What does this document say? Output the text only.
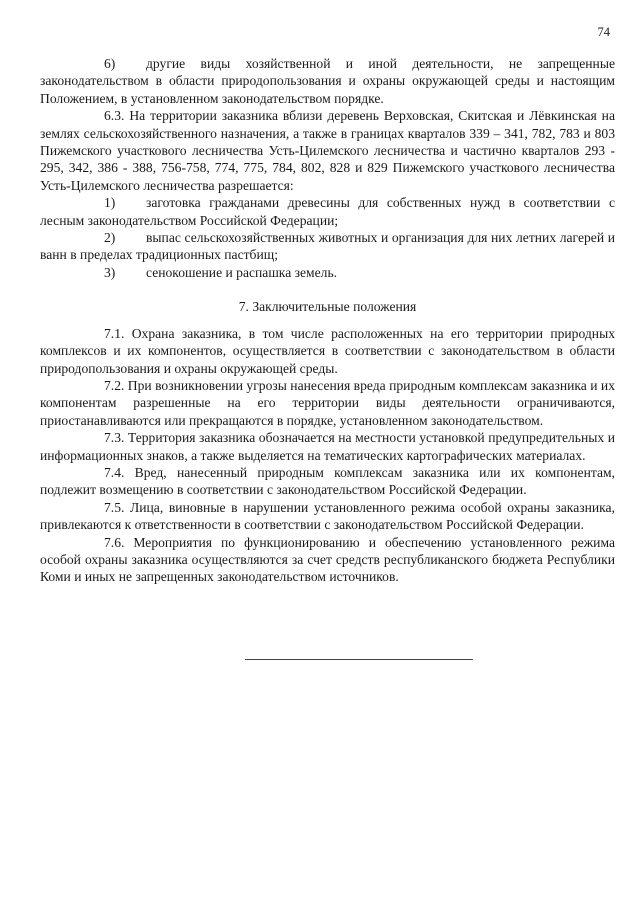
74

6) другие виды хозяйственной и иной деятельности, не запрещенные законодательством в области природопользования и охраны окружающей среды и настоящим Положением, в установленном законодательством порядке.

6.3. На территории заказника вблизи деревень Верховская, Скитская и Лёвкинская на землях сельскохозяйственного назначения, а также в границах кварталов 339 – 341, 782, 783 и 803 Пижемского участкового лесничества Усть-Цилемского лесничества и частично кварталов 293 - 295, 342, 386 - 388, 756-758, 774, 775, 784, 802, 828 и 829 Пижемского участкового лесничества Усть-Цилемского лесничества разрешается:

1) заготовка гражданами древесины для собственных нужд в соответствии с лесным законодательством Российской Федерации;

2) выпас сельскохозяйственных животных и организация для них летних лагерей и ванн в пределах традиционных пастбищ;

3) сенокошение и распашка земель.

7. Заключительные положения

7.1. Охрана заказника, в том числе расположенных на его территории природных комплексов и их компонентов, осуществляется в соответствии с законодательством в области природопользования и охраны окружающей среды.

7.2. При возникновении угрозы нанесения вреда природным комплексам заказника и их компонентам разрешенные на его территории виды деятельности ограничиваются, приостанавливаются или прекращаются в порядке, установленном законодательством.

7.3. Территория заказника обозначается на местности установкой предупредительных и информационных знаков, а также выделяется на тематических картографических материалах.

7.4. Вред, нанесенный природным комплексам заказника или их компонентам, подлежит возмещению в соответствии с законодательством Российской Федерации.

7.5. Лица, виновные в нарушении установленного режима особой охраны заказника, привлекаются к ответственности в соответствии с законодательством Российской Федерации.

7.6. Мероприятия по функционированию и обеспечению установленного режима особой охраны заказника осуществляются за счет средств республиканского бюджета Республики Коми и иных не запрещенных законодательством источников.
